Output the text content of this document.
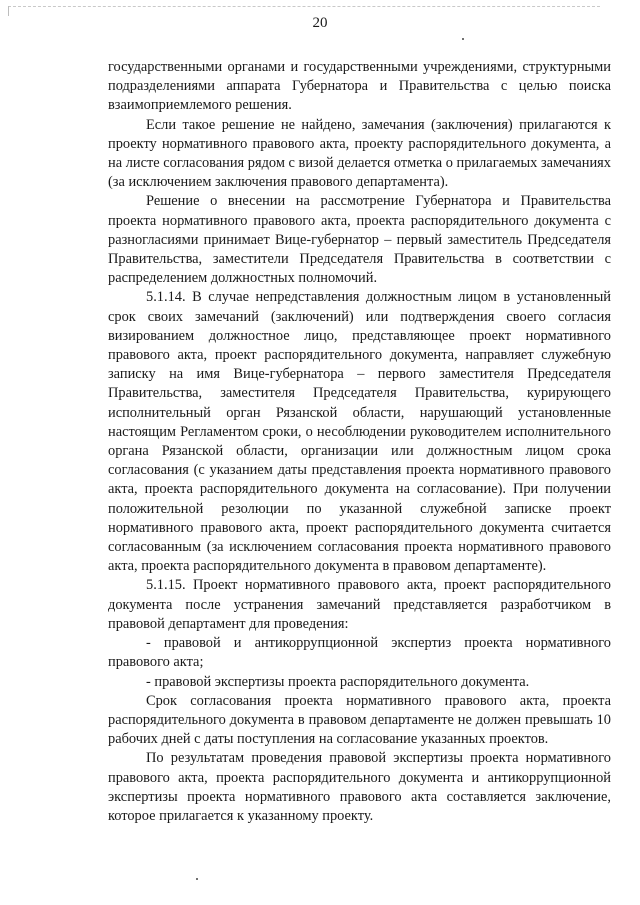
20

государственными органами и государственными учреждениями, структурными подразделениями аппарата Губернатора и Правительства с целью поиска взаимоприемлемого решения.

Если такое решение не найдено, замечания (заключения) прилагаются к проекту нормативного правового акта, проекту распорядительного документа, а на листе согласования рядом с визой делается отметка о прилагаемых замечаниях (за исключением заключения правового департамента).

Решение о внесении на рассмотрение Губернатора и Правительства проекта нормативного правового акта, проекта распорядительного документа с разногласиями принимает Вице-губернатор – первый заместитель Председателя Правительства, заместители Председателя Правительства в соответствии с распределением должностных полномочий.

5.1.14. В случае непредставления должностным лицом в установленный срок своих замечаний (заключений) или подтверждения своего согласия визированием должностное лицо, представляющее проект нормативного правового акта, проект распорядительного документа, направляет служебную записку на имя Вице-губернатора – первого заместителя Председателя Правительства, заместителя Председателя Правительства, курирующего исполнительный орган Рязанской области, нарушающий установленные настоящим Регламентом сроки, о несоблюдении руководителем исполнительного органа Рязанской области, организации или должностным лицом срока согласования (с указанием даты представления проекта нормативного правового акта, проекта распорядительного документа на согласование). При получении положительной резолюции по указанной служебной записке проект нормативного правового акта, проект распорядительного документа считается согласованным (за исключением согласования проекта нормативного правового акта, проекта распорядительного документа в правовом департаменте).

5.1.15. Проект нормативного правового акта, проект распорядительного документа после устранения замечаний представляется разработчиком в правовой департамент для проведения:

- правовой и антикоррупционной экспертиз проекта нормативного правового акта;

- правовой экспертизы проекта распорядительного документа.

Срок согласования проекта нормативного правового акта, проекта распорядительного документа в правовом департаменте не должен превышать 10 рабочих дней с даты поступления на согласование указанных проектов.

По результатам проведения правовой экспертизы проекта нормативного правового акта, проекта распорядительного документа и антикоррупционной экспертизы проекта нормативного правового акта составляется заключение, которое прилагается к указанному проекту.
